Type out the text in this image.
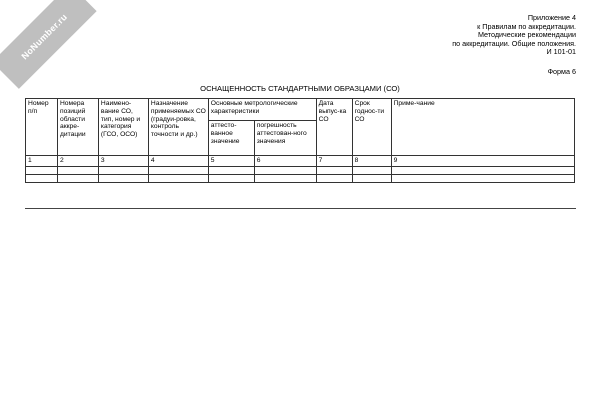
NoNumber.ru	Приложение 4
к Правилам по аккредитации.
Методические рекомендации
по аккредитации. Общие положения.
И 101-01
Форма 6
ОСНАЩЕННОСТЬ СТАНДАРТНЫМИ ОБРАЗЦАМИ (СО)
Номер п/п	Номера позиций области аккре-дитации	Наимено-вание СО, тип, номер и категория (ГСО, ОСО)	Назначение применяемых СО (градуи-ровка, контроль точности и др.)	Основные метрологические характеристики		Дата выпус-ка СО	Срок годнос-ти СО	Приме-чание
				аттесто-ванное значение	погрешность аттестован-ного значения			
1	2	3	4	5	6	7	8	9
